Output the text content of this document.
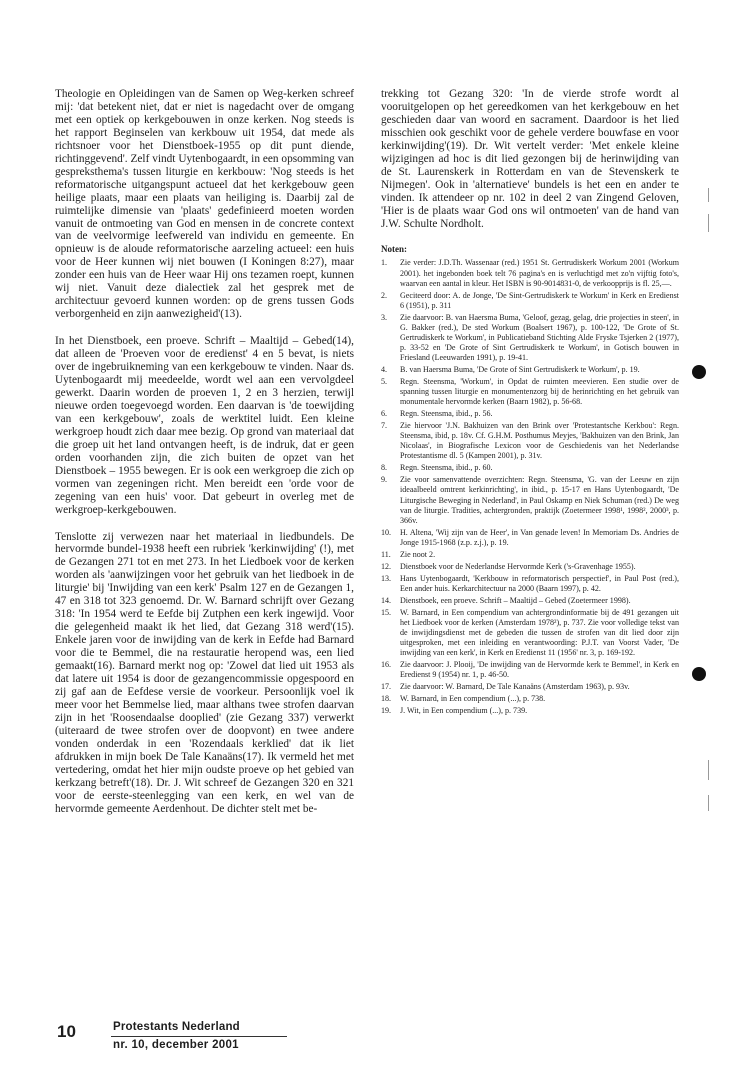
Theologie en Opleidingen van de Samen op Weg-kerken schreef mij: 'dat betekent niet, dat er niet is nagedacht over de omgang met een optiek op kerkgebouwen in onze kerken. Nog steeds is het rapport Beginselen van kerkbouw uit 1954, dat mede als richtsnoer voor het Dienstboek-1955 op dit punt diende, richtinggevend'. Zelf vindt Uytenbogaardt, in een opsomming van gespreksthema's tussen liturgie en kerkbouw: 'Nog steeds is het reformatorische uitgangspunt actueel dat het kerkgebouw geen heilige plaats, maar een plaats van heiliging is. Daarbij zal de ruimtelijke dimensie van 'plaats' gedefinieerd moeten worden vanuit de ontmoeting van God en mensen in de concrete context van de veelvormige leefwereld van individu en gemeente. En opnieuw is de aloude reformatorische aarzeling actueel: een huis voor de Heer kunnen wij niet bouwen (I Koningen 8:27), maar zonder een huis van de Heer waar Hij ons tezamen roept, kunnen wij niet. Vanuit deze dialectiek zal het gesprek met de architectuur gevoerd kunnen worden: op de grens tussen Gods verborgenheid en zijn aanwezigheid'(13).

In het Dienstboek, een proeve. Schrift – Maaltijd – Gebed(14), dat alleen de 'Proeven voor de eredienst' 4 en 5 bevat, is niets over de ingebruikneming van een kerkgebouw te vinden. Naar ds. Uytenbogaardt mij meedeelde, wordt wel aan een vervolgdeel gewerkt. Daarin worden de proeven 1, 2 en 3 herzien, terwijl nieuwe orden toegevoegd worden. Een daarvan is 'de toewijding van een kerkgebouw', zoals de werktitel luidt. Een kleine werkgroep houdt zich daar mee bezig. Op grond van materiaal dat die groep uit het land ontvangen heeft, is de indruk, dat er geen orden voorhanden zijn, die zich buiten de opzet van het Dienstboek – 1955 bewegen. Er is ook een werkgroep die zich op vormen van zegeningen richt. Men bereidt een 'orde voor de zegening van een huis' voor. Dat gebeurt in overleg met de werkgroep-kerkgebouwen.

Tenslotte zij verwezen naar het materiaal in liedbundels. De hervormde bundel-1938 heeft een rubriek 'kerkinwijding' (!), met de Gezangen 271 tot en met 273. In het Liedboek voor de kerken worden als 'aanwijzingen voor het gebruik van het liedboek in de liturgie' bij 'Inwijding van een kerk' Psalm 127 en de Gezangen 1, 47 en 318 tot 323 genoemd. Dr. W. Barnard schrijft over Gezang 318: 'In 1954 werd te Eefde bij Zutphen een kerk ingewijd. Voor die gelegenheid maakt ik het lied, dat Gezang 318 werd'(15). Enkele jaren voor de inwijding van de kerk in Eefde had Barnard voor die te Bemmel, die na restauratie heropend was, een lied gemaakt(16). Barnard merkt nog op: 'Zowel dat lied uit 1953 als dat latere uit 1954 is door de gezangencommissie opgespoord en zij gaf aan de Eefdese versie de voorkeur. Persoonlijk voel ik meer voor het Bemmelse lied, maar althans twee strofen daarvan zijn in het 'Roosendaalse dooplied' (zie Gezang 337) verwerkt (uiteraard de twee strofen over de doopvont) en twee andere vonden onderdak in een 'Rozendaals kerklied' dat ik liet afdrukken in mijn boek De Tale Kanaäns(17). Ik vermeld het met vertedering, omdat het hier mijn oudste proeve op het gebied van kerkzang betreft'(18). Dr. J. Wit schreef de Gezangen 320 en 321 voor de eerste-steenlegging van een kerk, en wel van de hervormde gemeente Aerdenhout. De dichter stelt met be-

trekking tot Gezang 320: 'In de vierde strofe wordt al vooruitgelopen op het gereedkomen van het kerkgebouw en het geschieden daar van woord en sacrament. Daardoor is het lied misschien ook geschikt voor de gehele verdere bouwfase en voor kerkinwijding'(19). Dr. Wit vertelt verder: 'Met enkele kleine wijzigingen ad hoc is dit lied gezongen bij de herinwijding van de St. Laurenskerk in Rotterdam en van de Stevenskerk te Nijmegen'. Ook in 'alternatieve' bundels is het een en ander te vinden. Ik attendeer op nr. 102 in deel 2 van Zingend Geloven, 'Hier is de plaats waar God ons wil ontmoeten' van de hand van J.W. Schulte Nordholt.

Noten:
1. Zie verder: J.D.Th. Wassenaar (red.) 1951 St. Gertrudiskerk Workum 2001 (Workum 2001). het ingebonden boek telt 76 pagina's en is verluchtigd met zo'n vijftig foto's, waarvan een aantal in kleur. Het ISBN is 90-9014831-0, de verkoopprijs is fl. 25,—.
2. Geciteerd door: A. de Jonge, 'De Sint-Gertrudiskerk te Workum' in Kerk en Eredienst 6 (1951), p. 311
3. Zie daarvoor: B. van Haersma Buma, 'Geloof, gezag, gelag, drie projecties in steen', in G. Bakker (red.), De sted Workum (Boalsert 1967), p. 100-122, 'De Grote of St. Gertrudiskerk te Workum', in Publicatieband Stichting Alde Fryske Tsjerken 2 (1977), p. 33-52 en 'De Grote of Sint Gertrudiskerk te Workum', in Gotisch bouwen in Friesland (Leeuwarden 1991), p. 19-41.
4. B. van Haersma Buma, 'De Grote of Sint Gertrudiskerk te Workum', p. 19.
5. Regn. Steensma, 'Workum', in Opdat de ruimten meevieren. Een studie over de spanning tussen liturgie en monumentenzorg bij de herinrichting en het gebruik van monumentale hervormde kerken (Baarn 1982), p. 56-68.
6. Regn. Steensma, ibid., p. 56.
7. Zie hiervoor 'J.N. Bakhuizen van den Brink over 'Protestantsche Kerkbou': Regn. Steensma, ibid, p. 18v. Cf. G.H.M. Posthumus Meyjes, 'Bakhuizen van den Brink, Jan Nicolaas', in Biografische Lexicon voor de Geschiedenis van het Nederlandse Protestantisme dl. 5 (Kampen 2001), p. 31v.
8. Regn. Steensma, ibid., p. 60.
9. Zie voor samenvattende overzichten: Regn. Steensma, 'G. van der Leeuw en zijn ideaalbeeld omtrent kerkinrichting', in ibid., p. 15-17 en Hans Uytenbogaardt, 'De Liturgische Beweging in Nederland', in Paul Oskamp en Niek Schuman (red.) De weg van de liturgie. Tradities, achtergronden, praktijk (Zoetermeer 1998¹, 1998², 2000³, p. 366v.
10. H. Altena, 'Wij zijn van de Heer', in Van genade leven! In Memoriam Ds. Andries de Jonge 1915-1968 (z.p. z.j.), p. 19.
11. Zie noot 2.
12. Dienstboek voor de Nederlandse Hervormde Kerk ('s-Gravenhage 1955).
13. Hans Uytenbogaardt, 'Kerkbouw in reformatorisch perspectief', in Paul Post (red.), Een ander huis. Kerkarchitectuur na 2000 (Baarn 1997), p. 42.
14. Dienstboek, een proeve. Schrift – Maaltijd – Gebed (Zoetermeer 1998).
15. W. Barnard, in Een compendium van achtergrondinformatie bij de 491 gezangen uit het Liedboek voor de kerken (Amsterdam 1978²), p. 737. Zie voor volledige tekst van de inwijdingsdienst met de gebeden die tussen de strofen van dit lied door zijn uitgesproken, met een inleiding en verantwoording: P.J.T. van Voorst Vader, 'De inwijding van een kerk', in Kerk en Eredienst 11 (1956' nr. 3, p. 169-192.
16. Zie daarvoor: J. Plooij, 'De inwijding van de Hervormde kerk te Bemmel', in Kerk en Eredienst 9 (1954) nr. 1, p. 46-50.
17. Zie daarvoor: W. Barnard, De Tale Kanaäns (Amsterdam 1963), p. 93v.
18. W. Barnard, in Een compendium (...), p. 738.
19. J. Wit, in Een compendium (...), p. 739.
10	Protestants Nederland
nr. 10, december 2001
